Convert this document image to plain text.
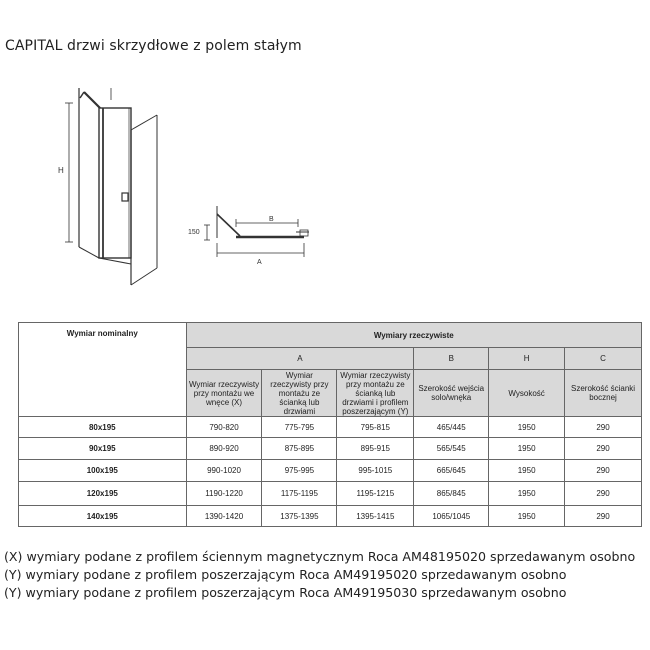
CAPITAL drzwi skrzydłowe z polem stałym
H
150
B
A
Wymiar nominalny	Wymiary rzeczywiste					
	A			B	H	C
	Wymiar rzeczywisty przy montażu we wnęce (X)	Wymiar rzeczywisty przy montażu ze ścianką lub drzwiami	Wymiar rzeczywisty przy montażu ze ścianką lub drzwiami i profilem poszerzającym (Y)	Szerokość wejścia solo/wnęka	Wysokość	Szerokość ścianki bocznej
80x195	790-820	775-795	795-815	465/445	1950	290
90x195	890-920	875-895	895-915	565/545	1950	290
100x195	990-1020	975-995	995-1015	665/645	1950	290
120x195	1190-1220	1175-1195	1195-1215	865/845	1950	290
140x195	1390-1420	1375-1395	1395-1415	1065/1045	1950	290
(X) wymiary podane z profilem ściennym magnetycznym Roca AM48195020 sprzedawanym osobno
(Y) wymiary podane z profilem poszerzającym Roca AM49195020 sprzedawanym osobno
(Y) wymiary podane z profilem poszerzającym Roca AM49195030 sprzedawanym osobno
